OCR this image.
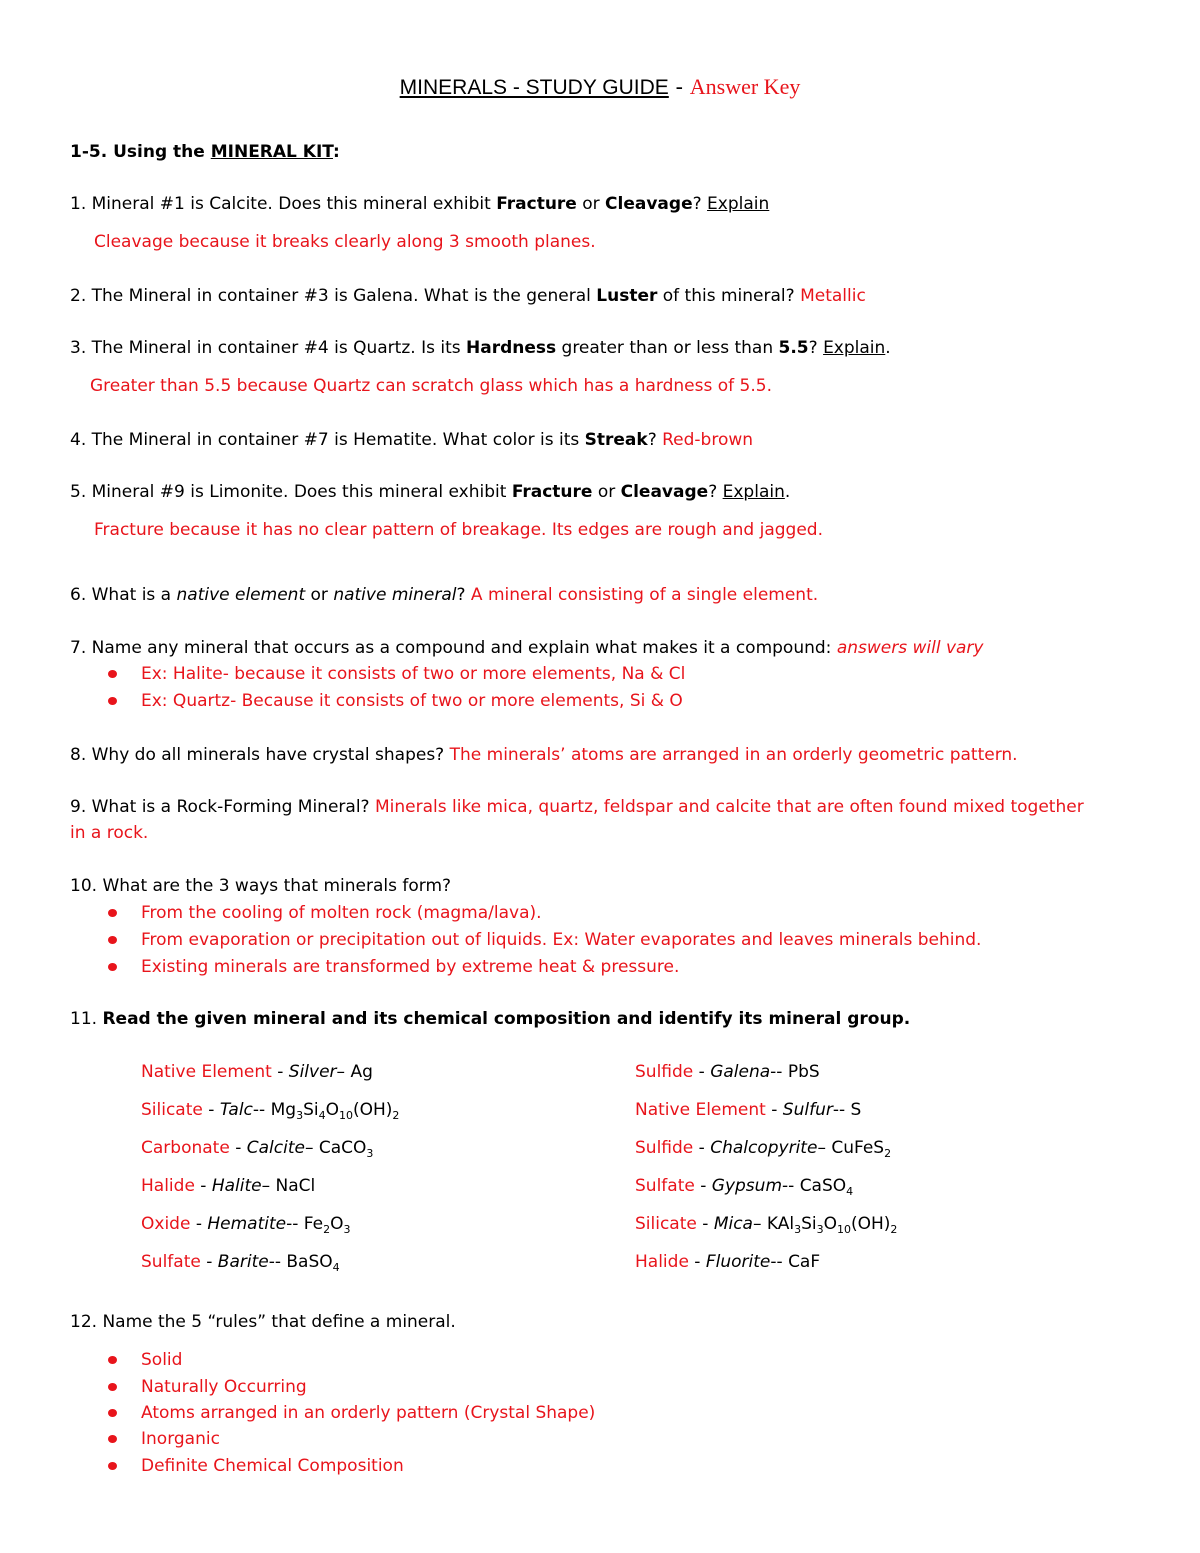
MINERALS - STUDY GUIDE - Answer Key
1-5. Using the MINERAL KIT:
1. Mineral #1 is Calcite. Does this mineral exhibit Fracture or Cleavage? Explain
Cleavage because it breaks clearly along 3 smooth planes.
2. The Mineral in container #3 is Galena. What is the general Luster of this mineral? Metallic
3. The Mineral in container #4 is Quartz. Is its Hardness greater than or less than 5.5? Explain.
Greater than 5.5 because Quartz can scratch glass which has a hardness of 5.5.
4. The Mineral in container #7 is Hematite. What color is its Streak? Red-brown
5. Mineral #9 is Limonite. Does this mineral exhibit Fracture or Cleavage? Explain.
Fracture because it has no clear pattern of breakage. Its edges are rough and jagged.
6. What is a native element or native mineral? A mineral consisting of a single element.
7. Name any mineral that occurs as a compound and explain what makes it a compound: answers will vary
Ex: Halite- because it consists of two or more elements, Na & Cl
Ex: Quartz- Because it consists of two or more elements, Si & O
8. Why do all minerals have crystal shapes? The minerals’ atoms are arranged in an orderly geometric pattern.
9. What is a Rock-Forming Mineral? Minerals like mica, quartz, feldspar and calcite that are often found mixed together
in a rock.
10. What are the 3 ways that minerals form?
From the cooling of molten rock (magma/lava).
From evaporation or precipitation out of liquids. Ex: Water evaporates and leaves minerals behind.
Existing minerals are transformed by extreme heat & pressure.
11. Read the given mineral and its chemical composition and identify its mineral group.
Native Element - Silver– Ag
Silicate - Talc-- $Mg_3Si_4O_{10}(OH)_2$
Carbonate - Calcite– CaCO$_3$
Halide - Halite– NaCl
Oxide - Hematite-- $Fe_2O_3$
Sulfate - Barite-- BaSO$_4$
Sulfide - Galena-- PbS
Native Element - Sulfur-- S
Sulfide - Chalcopyrite– CuFeS$_2$
Sulfate - Gypsum-- CaSO$_4$
Silicate - Mica– $KAl_3Si_3O_{10}(OH)_2$
Halide - Fluorite-- CaF
12. Name the 5 “rules” that define a mineral.
Solid
Naturally Occurring
Atoms arranged in an orderly pattern (Crystal Shape)
Inorganic
Definite Chemical Composition
